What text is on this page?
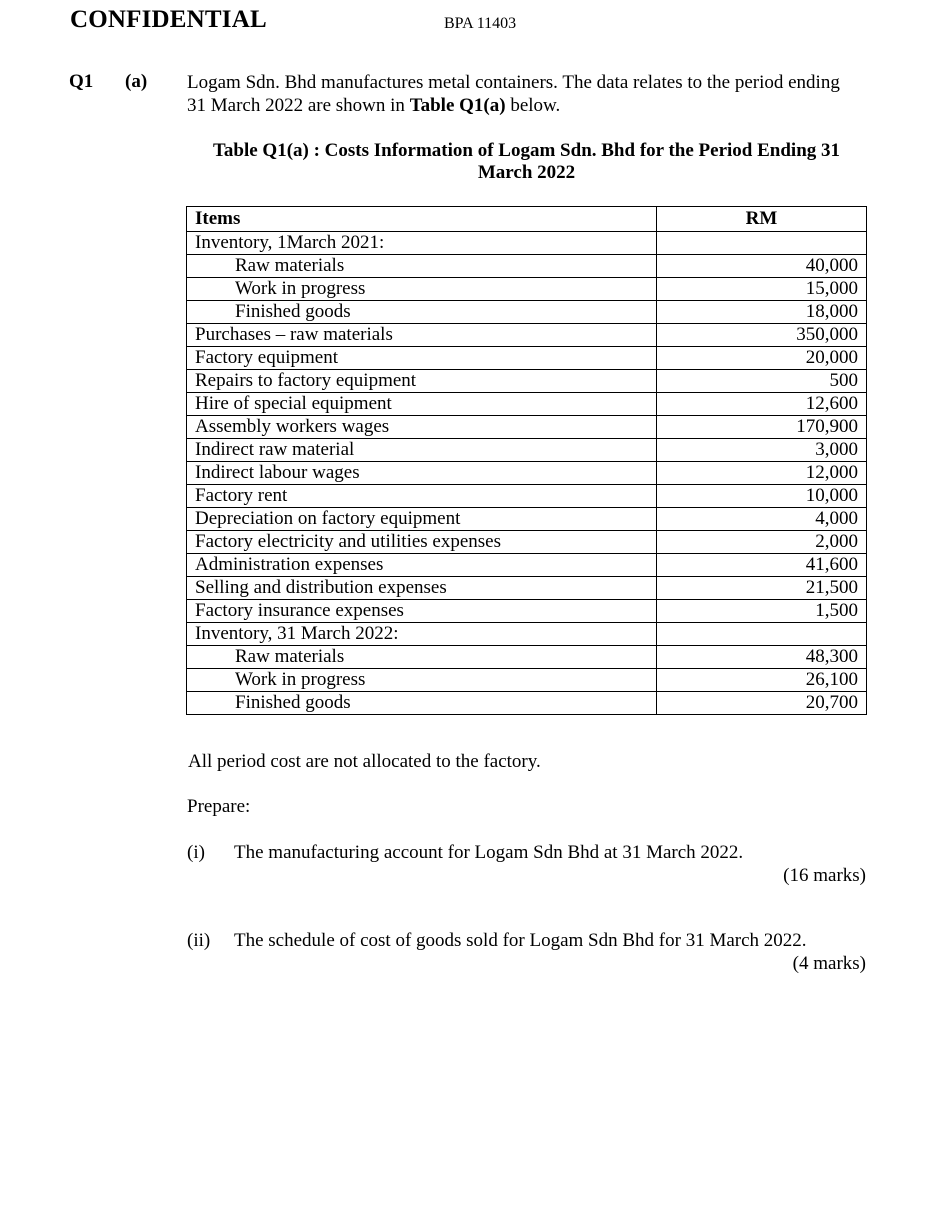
CONFIDENTIAL	BPA 11403
Q1 (a) Logam Sdn. Bhd manufactures metal containers. The data relates to the period ending
31 March 2022 are shown in Table Q1(a) below.
Table Q1(a) : Costs Information of Logam Sdn. Bhd for the Period Ending 31
March 2022
Items	RM
Inventory, 1March 2021:	
Raw materials	40,000
Work in progress	15,000
Finished goods	18,000
Purchases – raw materials	350,000
Factory equipment	20,000
Repairs to factory equipment	500
Hire of special equipment	12,600
Assembly workers wages	170,900
Indirect raw material	3,000
Indirect labour wages	12,000
Factory rent	10,000
Depreciation on factory equipment	4,000
Factory electricity and utilities expenses	2,000
Administration expenses	41,600
Selling and distribution expenses	21,500
Factory insurance expenses	1,500
Inventory, 31 March 2022:	
Raw materials	48,300
Work in progress	26,100
Finished goods	20,700
All period cost are not allocated to the factory.
Prepare:
(i) The manufacturing account for Logam Sdn Bhd at 31 March 2022.
(16 marks)
(ii) The schedule of cost of goods sold for Logam Sdn Bhd for 31 March 2022.
(4 marks)
